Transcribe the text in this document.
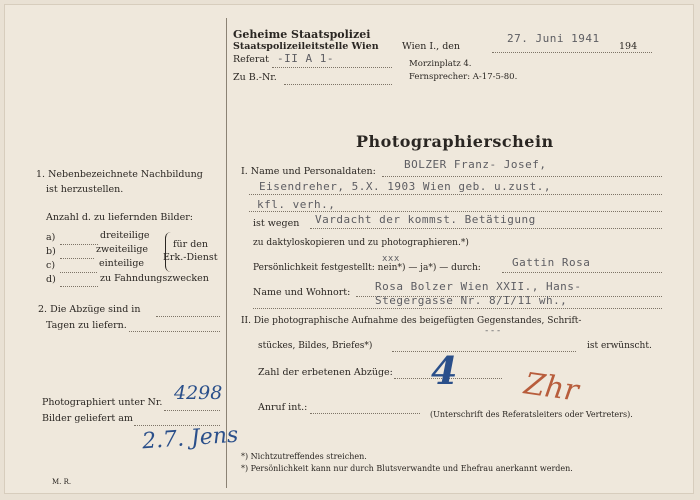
Geheime Staatspolizei
Staatspolizeileitstelle Wien
Referat -II A 1-
Zu B.-Nr.
Wien I., den
27. Juni 1941
194
Morzinplatz 4.
Fernsprecher: A-17-5-80.
Photographierschein
1. Nebenbezeichnete Nachbildung
ist herzustellen.
Anzahl d. zu liefernden Bilder:
a)	dreiteilige
b)	zweiteilige
c)	einteilige
d)	zu Fahndungszwecken
für den
Erk.-Dienst
2. Die Abzüge sind in
Tagen zu liefern.
Photographiert unter Nr. 4298
Bilder geliefert am
2.7. Jens
M. R.
I. Name und Personaldaten:
BOLZER Franz- Josef,
Eisendreher, 5.X. 1903 Wien geb. u.zust.,
kfl. verh.,
ist wegen Vardacht der kommst. Betätigung
zu daktyloskopieren und zu photographieren.*)
Persönlichkeit festgestellt: nein*) — ja*) — durch:
xxx	Gattin Rosa
Name und Wohnort: Rosa Bolzer Wien XXII., Hans-
Stegergasse Nr. 8/I/11 wh.,
II. Die photographische Aufnahme des beigefügten Gegenstandes, Schrift-
stückes, Bildes, Briefes*)
---
ist erwünscht.
Zahl der erbetenen Abzüge: 4
Anruf int.:	Zhr
(Unterschrift des Referatsleiters oder Vertreters).
*) Nichtzutreffendes streichen.
*) Persönlichkeit kann nur durch Blutsverwandte und Ehefrau anerkannt werden.
